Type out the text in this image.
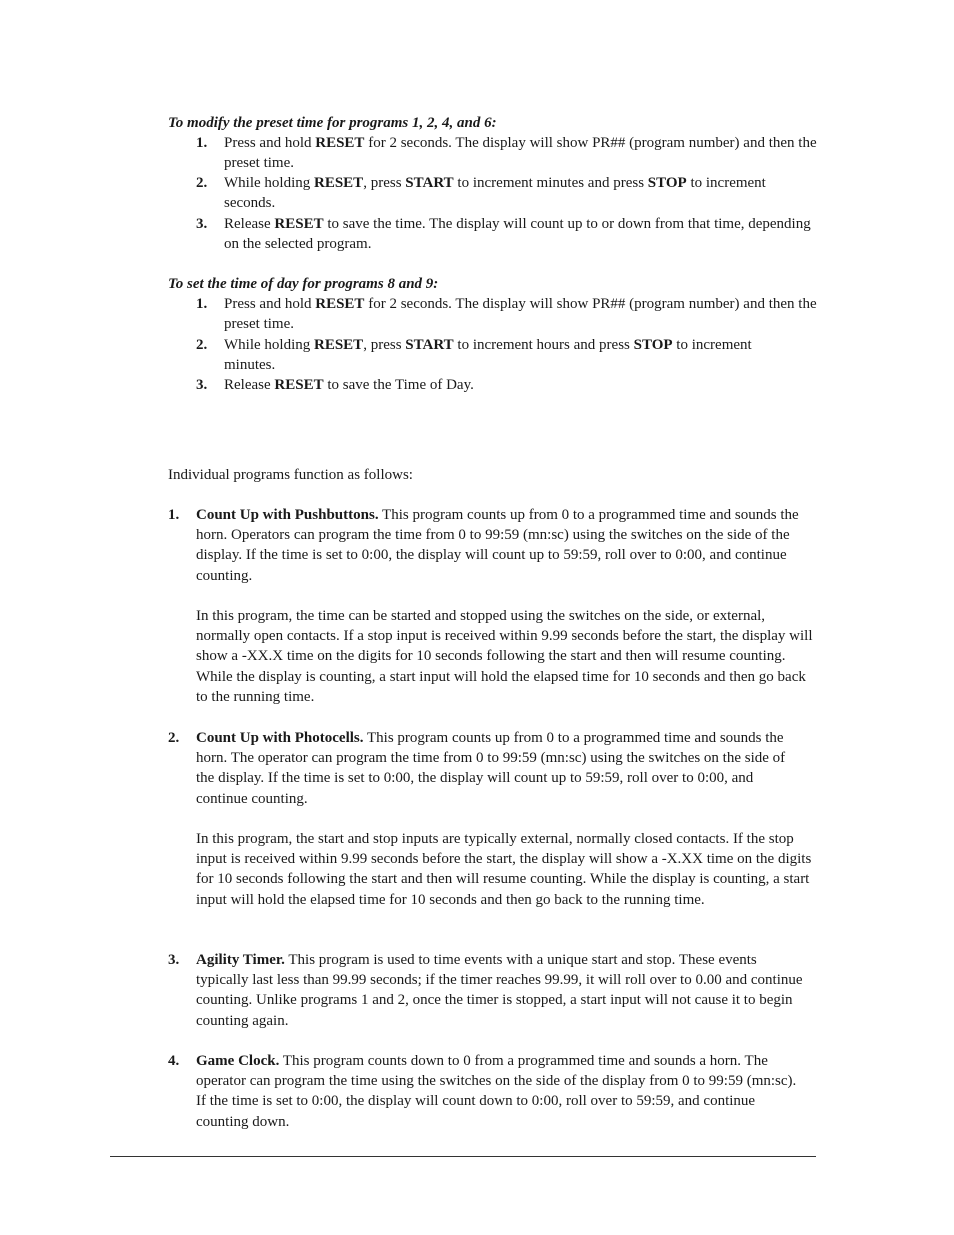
To modify the preset time for programs 1, 2, 4, and 6:
1. Press and hold RESET for 2 seconds. The display will show PR## (program number) and then the preset time.
2. While holding RESET, press START to increment minutes and press STOP to increment seconds.
3. Release RESET to save the time. The display will count up to or down from that time, depending on the selected program.
To set the time of day for programs 8 and 9:
1. Press and hold RESET for 2 seconds. The display will show PR## (program number) and then the preset time.
2. While holding RESET, press START to increment hours and press STOP to increment minutes.
3. Release RESET to save the Time of Day.
Individual programs function as follows:
1. Count Up with Pushbuttons. This program counts up from 0 to a programmed time and sounds the horn. Operators can program the time from 0 to 99:59 (mn:sc) using the switches on the side of the display. If the time is set to 0:00, the display will count up to 59:59, roll over to 0:00, and continue counting.
In this program, the time can be started and stopped using the switches on the side, or external, normally open contacts. If a stop input is received within 9.99 seconds before the start, the display will show a -XX.X time on the digits for 10 seconds following the start and then will resume counting. While the display is counting, a start input will hold the elapsed time for 10 seconds and then go back to the running time.
2. Count Up with Photocells. This program counts up from 0 to a programmed time and sounds the horn. The operator can program the time from 0 to 99:59 (mn:sc) using the switches on the side of the display. If the time is set to 0:00, the display will count up to 59:59, roll over to 0:00, and continue counting.
In this program, the start and stop inputs are typically external, normally closed contacts. If the stop input is received within 9.99 seconds before the start, the display will show a -X.XX time on the digits for 10 seconds following the start and then will resume counting. While the display is counting, a start input will hold the elapsed time for 10 seconds and then go back to the running time.
3. Agility Timer. This program is used to time events with a unique start and stop. These events typically last less than 99.99 seconds; if the timer reaches 99.99, it will roll over to 0.00 and continue counting. Unlike programs 1 and 2, once the timer is stopped, a start input will not cause it to begin counting again.
4. Game Clock. This program counts down to 0 from a programmed time and sounds a horn. The operator can program the time using the switches on the side of the display from 0 to 99:59 (mn:sc). If the time is set to 0:00, the display will count down to 0:00, roll over to 59:59, and continue counting down.
